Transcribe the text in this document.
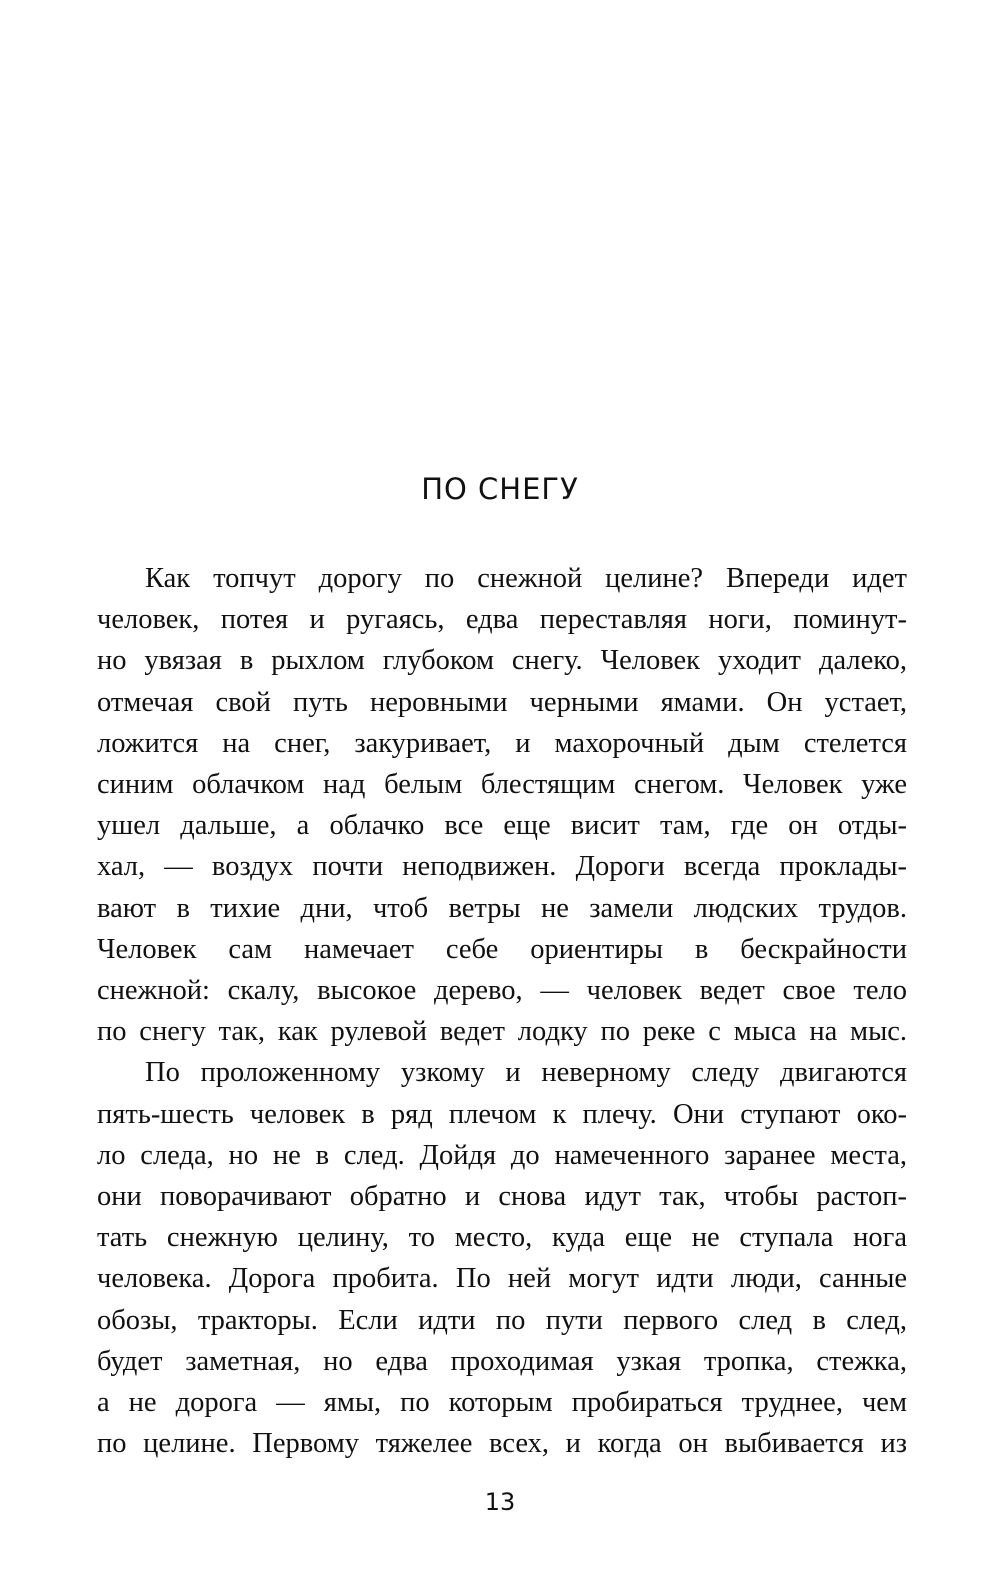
ПО СНЕГУ
Как топчут дорогу по снежной целине? Впереди идет
человек, потея и ругаясь, едва переставляя ноги, поминут-
но увязая в рыхлом глубоком снегу. Человек уходит далеко,
отмечая свой путь неровными черными ямами. Он устает,
ложится на снег, закуривает, и махорочный дым стелется
синим облачком над белым блестящим снегом. Человек уже
ушел дальше, а облачко все еще висит там, где он отды-
хал, — воздух почти неподвижен. Дороги всегда проклады-
вают в тихие дни, чтоб ветры не замели людских трудов.
Человек сам намечает себе ориентиры в бескрайности
снежной: скалу, высокое дерево, — человек ведет свое тело
по снегу так, как рулевой ведет лодку по реке с мыса на мыс.
По проложенному узкому и неверному следу двигаются
пять-шесть человек в ряд плечом к плечу. Они ступают око-
ло следа, но не в след. Дойдя до намеченного заранее места,
они поворачивают обратно и снова идут так, чтобы растоп-
тать снежную целину, то место, куда еще не ступала нога
человека. Дорога пробита. По ней могут идти люди, санные
обозы, тракторы. Если идти по пути первого след в след,
будет заметная, но едва проходимая узкая тропка, стежка,
а не дорога — ямы, по которым пробираться труднее, чем
по целине. Первому тяжелее всех, и когда он выбивается из
13
